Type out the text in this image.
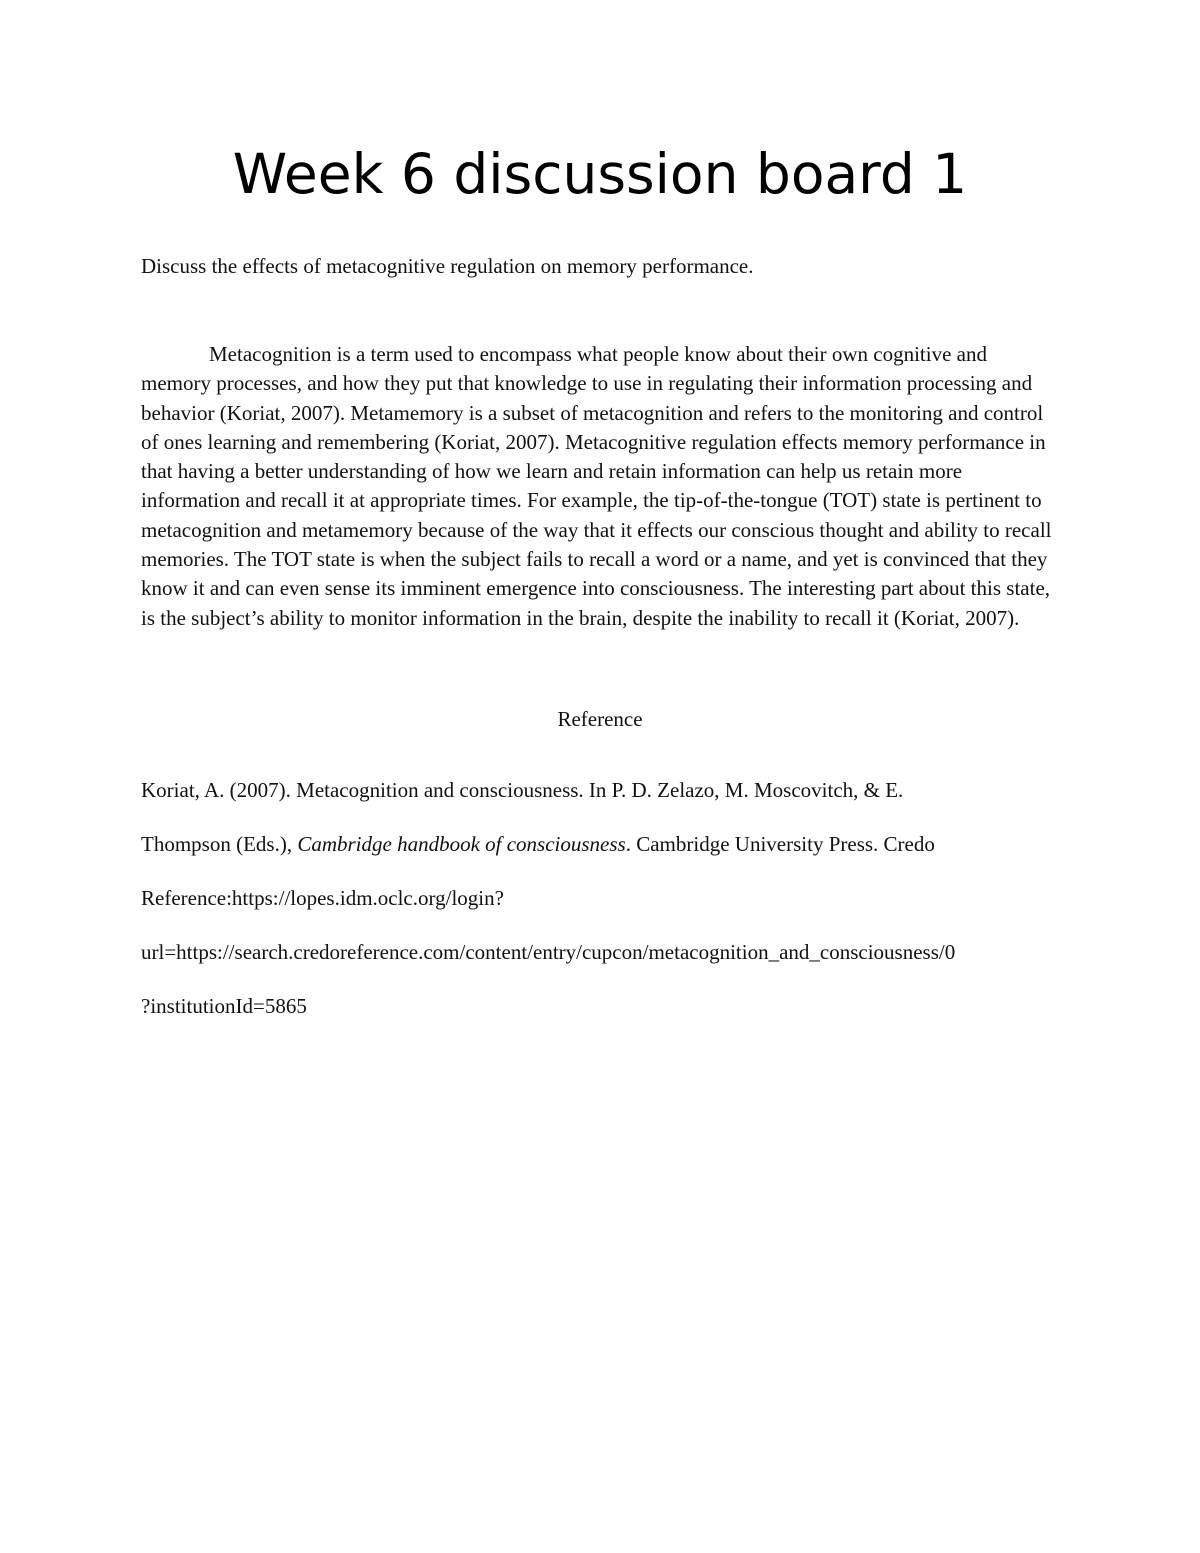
Week 6 discussion board 1

Discuss the effects of metacognitive regulation on memory performance.

Metacognition is a term used to encompass what people know about their own cognitive and memory processes, and how they put that knowledge to use in regulating their information processing and behavior (Koriat, 2007). Metamemory is a subset of metacognition and refers to the monitoring and control of ones learning and remembering (Koriat, 2007). Metacognitive regulation effects memory performance in that having a better understanding of how we learn and retain information can help us retain more information and recall it at appropriate times. For example, the tip-of-the-tongue (TOT) state is pertinent to metacognition and metamemory because of the way that it effects our conscious thought and ability to recall memories. The TOT state is when the subject fails to recall a word or a name, and yet is convinced that they know it and can even sense its imminent emergence into consciousness. The interesting part about this state, is the subject’s ability to monitor information in the brain, despite the inability to recall it (Koriat, 2007).

Reference

Koriat, A. (2007). Metacognition and consciousness. In P. D. Zelazo, M. Moscovitch, & E.

Thompson (Eds.), Cambridge handbook of consciousness. Cambridge University Press. Credo

Reference:https://lopes.idm.oclc.org/login?

url=https://search.credoreference.com/content/entry/cupcon/metacognition_and_consciousness/0

?institutionId=5865
